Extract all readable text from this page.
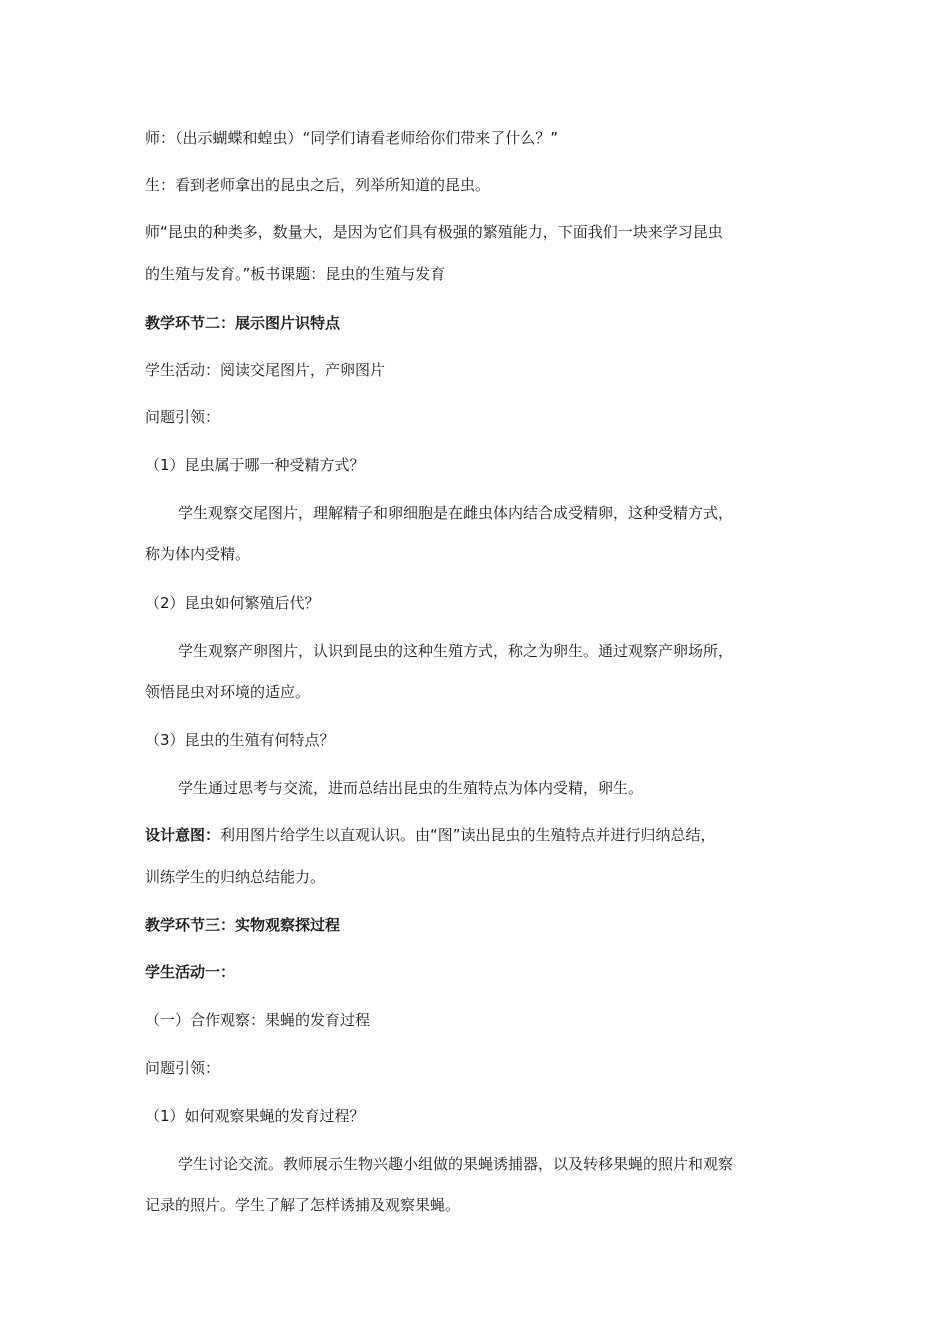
师：（出示蝴蝶和蝗虫）“同学们请看老师给你们带来了什么？”

生：看到老师拿出的昆虫之后，列举所知道的昆虫。

师“昆虫的种类多，数量大，是因为它们具有极强的繁殖能力，下面我们一块来学习昆虫

的生殖与发育。”板书课题：昆虫的生殖与发育

教学环节二：展示图片识特点

学生活动：阅读交尾图片，产卵图片

问题引领：

（1）昆虫属于哪一种受精方式？

学生观察交尾图片，理解精子和卵细胞是在雌虫体内结合成受精卵，这种受精方式，

称为体内受精。

（2）昆虫如何繁殖后代？

学生观察产卵图片，认识到昆虫的这种生殖方式，称之为卵生。通过观察产卵场所，

领悟昆虫对环境的适应。

（3）昆虫的生殖有何特点？

学生通过思考与交流，进而总结出昆虫的生殖特点为体内受精，卵生。

设计意图：利用图片给学生以直观认识。由“图”读出昆虫的生殖特点并进行归纳总结，

训练学生的归纳总结能力。

教学环节三：实物观察探过程

学生活动一：

（一）合作观察：果蝇的发育过程

问题引领：

（1）如何观察果蝇的发育过程？

学生讨论交流。教师展示生物兴趣小组做的果蝇诱捕器，以及转移果蝇的照片和观察

记录的照片。学生了解了怎样诱捕及观察果蝇。
